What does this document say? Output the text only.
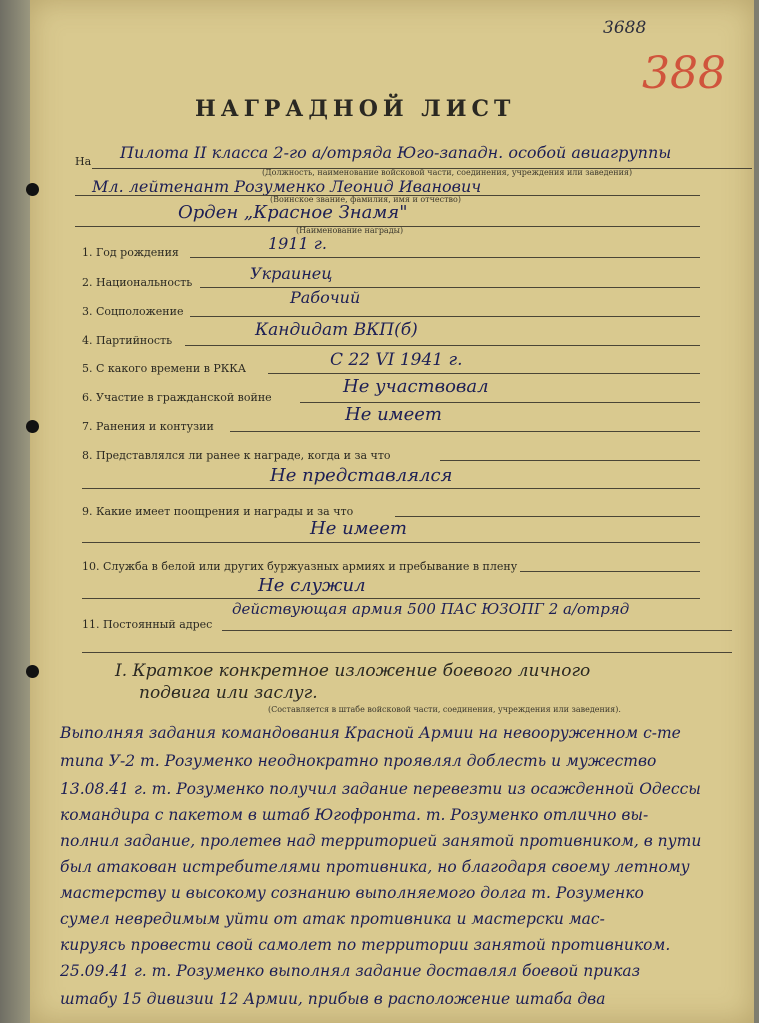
3688
388
НАГРАДНОЙ ЛИСТ
На Пилота II класса 2-го а/отряда Юго-западн. особой авиагруппы
(Должность, наименование войсковой части, соединения, учреждения или заведения)
Мл. лейтенант Розуменко Леонид Иванович
(Воинское звание, фамилия, имя и отчество)
Орден „Красное Знамя"
(Наименование награды)
1. Год рождения	1911 г.
2. Национальность	Украинец
3. Соцположение
Рабочий
4. Партийность
Кандидат ВКП(б)
5. С какого времени в РККА	С 22 VI 1941 г.
6. Участие в гражданской войне
Не участвовал
7. Ранения и контузии
Не имеет
8. Представлялся ли ранее к награде, когда и за что
Не представлялся
9. Какие имеет поощрения и награды и за что
Не имеет
10. Служба в белой или других буржуазных армиях и пребывание в плену
Не служил
11. Постоянный адрес
действующая армия 500 ПАС ЮЗОПГ 2 а/отряд
I. Краткое конкретное изложение боевого личного
подвига или заслуг.
(Составляется в штабе войсковой части, соединения, учреждения или заведения).
Выполняя задания командования Красной Армии на невооруженном с-те
типа У-2 т. Розуменко неоднократно проявлял доблесть и мужество
13.08.41 г. т. Розуменко получил задание перевезти из осажденной Одессы
командира с пакетом в штаб Югофронта. т. Розуменко отлично вы-
полнил задание, пролетев над территорией занятой противником, в пути
был атакован истребителями противника, но благодаря своему летному
мастерству и высокому сознанию выполняемого долга т. Розуменко
сумел невредимым уйти от атак противника и мастерски мас-
кируясь провести свой самолет по территории занятой противником.
25.09.41 г. т. Розуменко выполнял задание доставлял боевой приказ
штабу 15 дивизии 12 Армии, прибыв в расположение штаба два
